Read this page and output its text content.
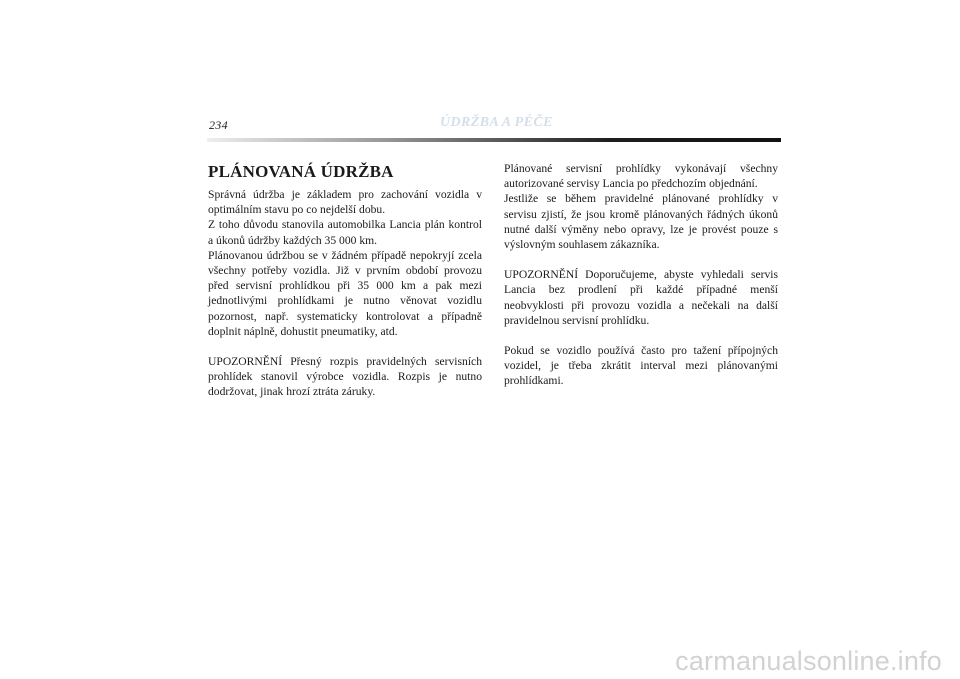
234	ÚDRŽBA A PÉČE
PLÁNOVANÁ ÚDRŽBA

Správná údržba je základem pro zachování vozidla v optimálním stavu po co nejdelší dobu.

Z toho důvodu stanovila automobilka Lancia plán kontrol a úkonů údržby každých 35 000 km.

Plánovanou údržbou se v žádném případě nepokryjí zcela všechny potřeby vozidla. Již v prvním období provozu před servisní prohlídkou při 35 000 km a pak mezi jednotlivými prohlídkami je nutno věnovat vozidlu pozornost, např. systematicky kontrolovat a případně doplnit náplně, dohustit pneumatiky, atd.

UPOZORNĚNÍ Přesný rozpis pravidelných servisních prohlídek stanovil výrobce vozidla. Rozpis je nutno dodržovat, jinak hrozí ztráta záruky.

Plánované servisní prohlídky vykonávají všechny autorizované servisy Lancia po předchozím objednání.

Jestliže se během pravidelné plánované prohlídky v servisu zjistí, že jsou kromě plánovaných řádných úkonů nutné další výměny nebo opravy, lze je provést pouze s výslovným souhlasem zákazníka.

UPOZORNĚNÍ Doporučujeme, abyste vyhledali servis Lancia bez prodlení při každé případné menší neobvyklosti při provozu vozidla a nečekali na další pravidelnou servisní prohlídku.

Pokud se vozidlo používá často pro tažení přípojných vozidel, je třeba zkrátit interval mezi plánovanými prohlídkami.

carmanualsonline.info
